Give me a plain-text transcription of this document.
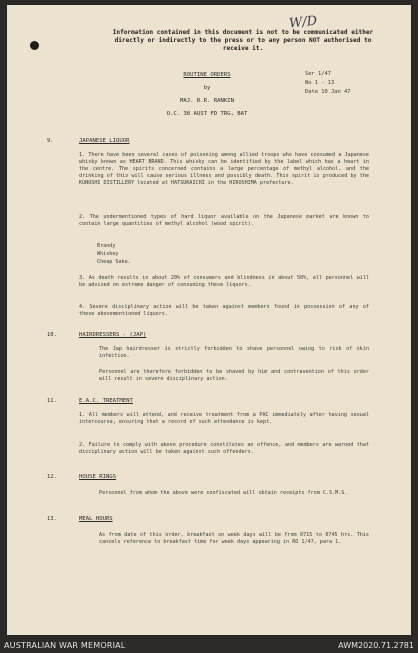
W/D
Information contained in this document is not to be communicated either directly or indirectly to the press or to any person NOT authorised to receive it.
ROUTINE ORDERS
by
MAJ. R.R. RANKIN
O.C. 38 AUST FD TRG, BAT
Ser 1/47
No 1 - 13
Date 10 Jan 47
9.	JAPANESE LIQUOR
1. There have been several cases of poisoning among allied troops who have consumed a Japanese whisky known as HEART BRAND. This whisky can be identified by the label which has a heart in the centre. The spirits concerned contains a large percentage of methyl alcohol, and the drinking of this will cause serious illness and possibly death. This spirit is produced by the KUNOSHI DISTILLERY located at HATSUKAICHI in the HIROSHIMA prefecture.
2. The undermentioned types of hard liquor available on the Japanese market are known to contain large quantities of methyl alcohol (wood spirit).
Brandy
Whiskey
Cheap Sake.
3. As death results in about 20% of consumers and blindness in about 50%, all personnel will be advised on extreme danger of consuming these liquors.
4. Severe disciplinary action will be taken against members found in possession of any of these abovementioned liquors.
10.	HAIRDRESSERS - (JAP)
The Jap hairdresser is strictly forbidden to shave personnel owing to risk of skin infection.
Personnel are therefore forbidden to be shaved by him and contravention of this order will result in severe disciplinary action.
11.	E.A.C. TREATMENT
1. All members will attend, and receive treatment from a PAC immediately after having sexual intercourse, ensuring that a record of such attendance is kept.
2. Failure to comply with above procedure constitutes an offence, and members are warned that disciplinary action will be taken against such offenders.
12.	HOUSE RINGS
Personnel from whom the above were confiscated will obtain receipts from C.S.M.S.
13.	MEAL HOURS
As from date of this order, breakfast on week days will be from 0715 to 0745 hrs. This cancels reference to breakfast time for week days appearing in RO 1/47, para 1.
AUSTRALIAN WAR MEMORIAL	AWM2020.71.2781
